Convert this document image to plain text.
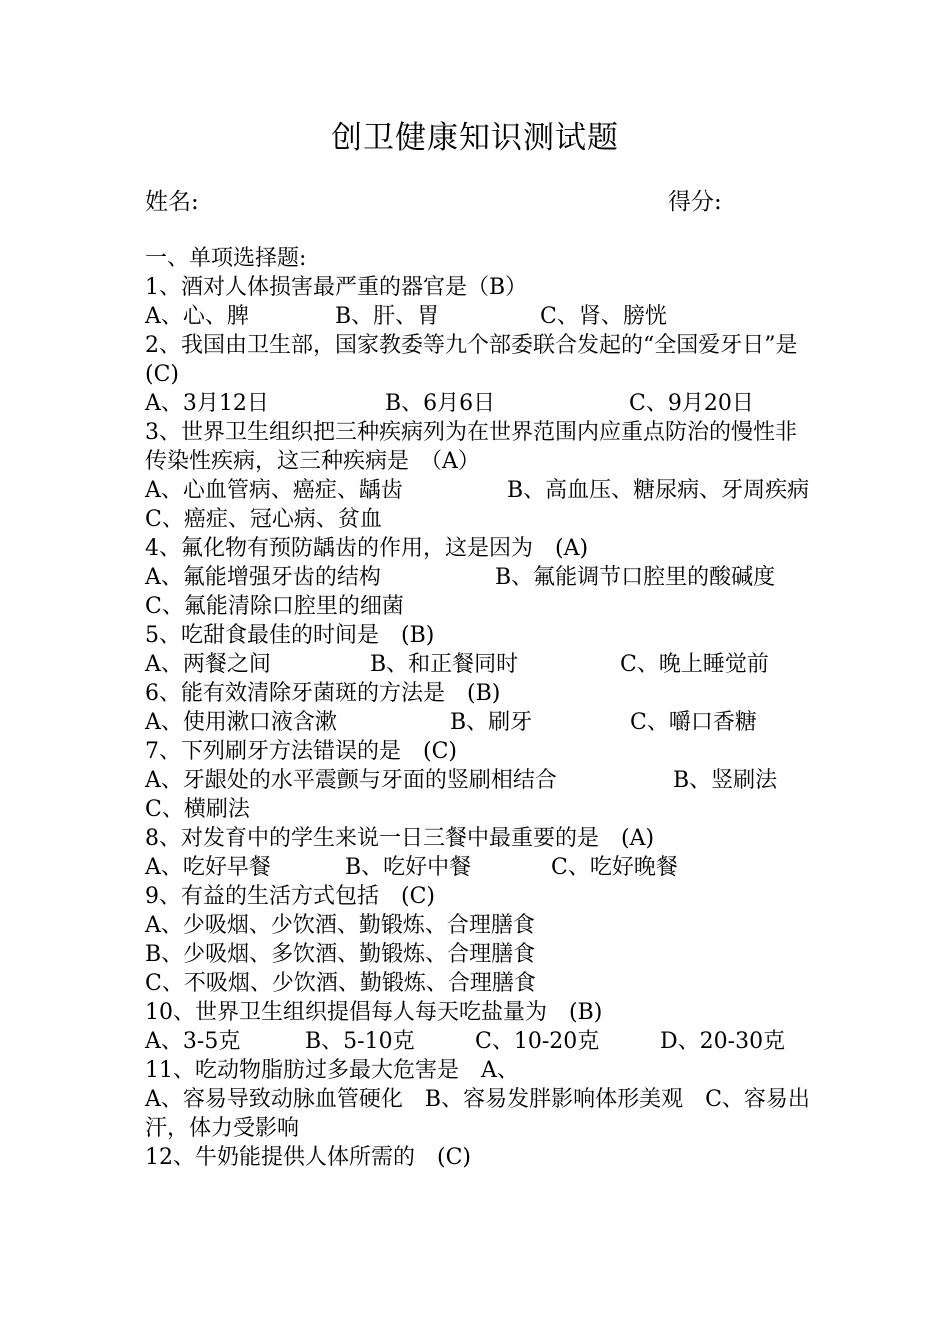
创卫健康知识测试题
姓名:	得分:
一、单项选择题:
1、酒对人体损害最严重的器官是（B）
A、心、脾	B、肝、胃	C、肾、膀恍
2、我国由卫生部，国家教委等九个部委联合发起的“全国爱牙日”是　(C)
A、3月12日	B、6月6日	C、9月20日
3、世界卫生组织把三种疾病列为在世界范围内应重点防治的慢性非传染性疾病，这三种疾病是　（A）
A、心血管病、癌症、龋齿	B、高血压、糖尿病、牙周疾病
C、癌症、冠心病、贫血
4、氟化物有预防龋齿的作用，这是因为　(A)
A、氟能增强牙齿的结构	B、氟能调节口腔里的酸碱度
C、氟能清除口腔里的细菌
5、吃甜食最佳的时间是　(B)
A、两餐之间	B、和正餐同时	C、晚上睡觉前
6、能有效清除牙菌斑的方法是　(B)
A、使用漱口液含漱	B、刷牙	C、嚼口香糖
7、下列刷牙方法错误的是　(C)
A、牙龈处的水平震颤与牙面的竖刷相结合	B、竖刷法
C、横刷法
8、对发育中的学生来说一日三餐中最重要的是　(A)
A、吃好早餐	B、吃好中餐	C、吃好晚餐
9、有益的生活方式包括　(C)
A、少吸烟、少饮酒、勤锻炼、合理膳食
B、少吸烟、多饮酒、勤锻炼、合理膳食
C、不吸烟、少饮酒、勤锻炼、合理膳食
10、世界卫生组织提倡每人每天吃盐量为　(B)
A、3-5克	B、5-10克	C、10-20克	D、20-30克
11、吃动物脂肪过多最大危害是　A、
A、容易导致动脉血管硬化　 B、容易发胖影响体形美观　 C、容易出汗，体力受影响
12、牛奶能提供人体所需的　(C)
